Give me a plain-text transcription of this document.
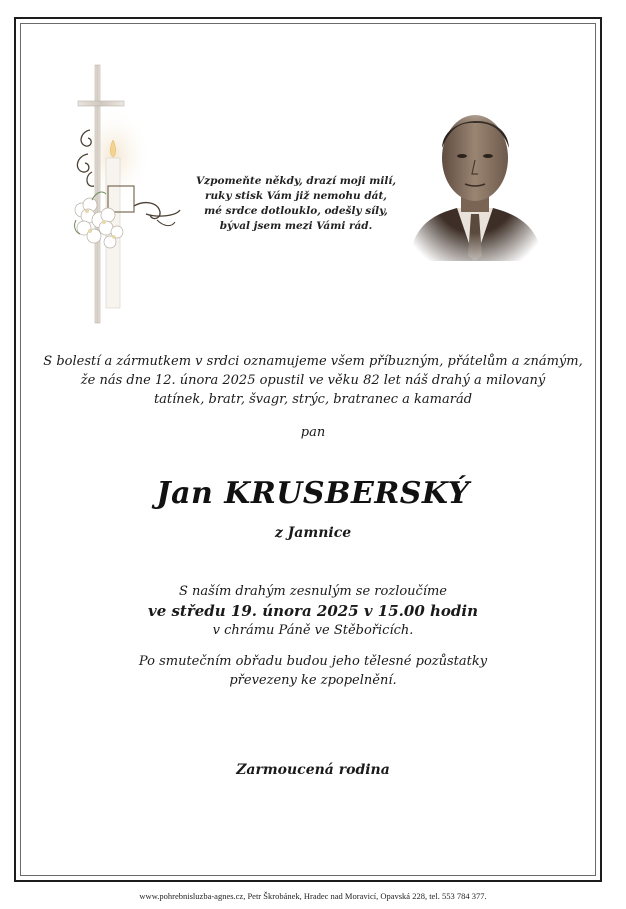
Vzpomeňte někdy, drazí moji milí,
ruky stisk Vám již nemohu dát,
mé srdce dotlouklo, odešly síly,
býval jsem mezi Vámi rád.
S bolestí a zármutkem v srdci oznamujeme všem příbuzným, přátelům a známým,
že nás dne 12. února 2025 opustil ve věku 82 let náš drahý a milovaný
tatínek, bratr, švagr, strýc, bratranec a kamarád
pan
Jan KRUSBERSKÝ
z Jamnice
S naším drahým zesnulým se rozloučíme
ve středu 19. února 2025 v 15.00 hodin
v chrámu Páně ve Stěbořicích.
Po smutečním obřadu budou jeho tělesné pozůstatky
převezeny ke zpopelnění.
Zarmoucená rodina
www.pohrebnisluzba-agnes.cz, Petr Škrobánek, Hradec nad Moravicí, Opavská 228, tel. 553 784 377.
